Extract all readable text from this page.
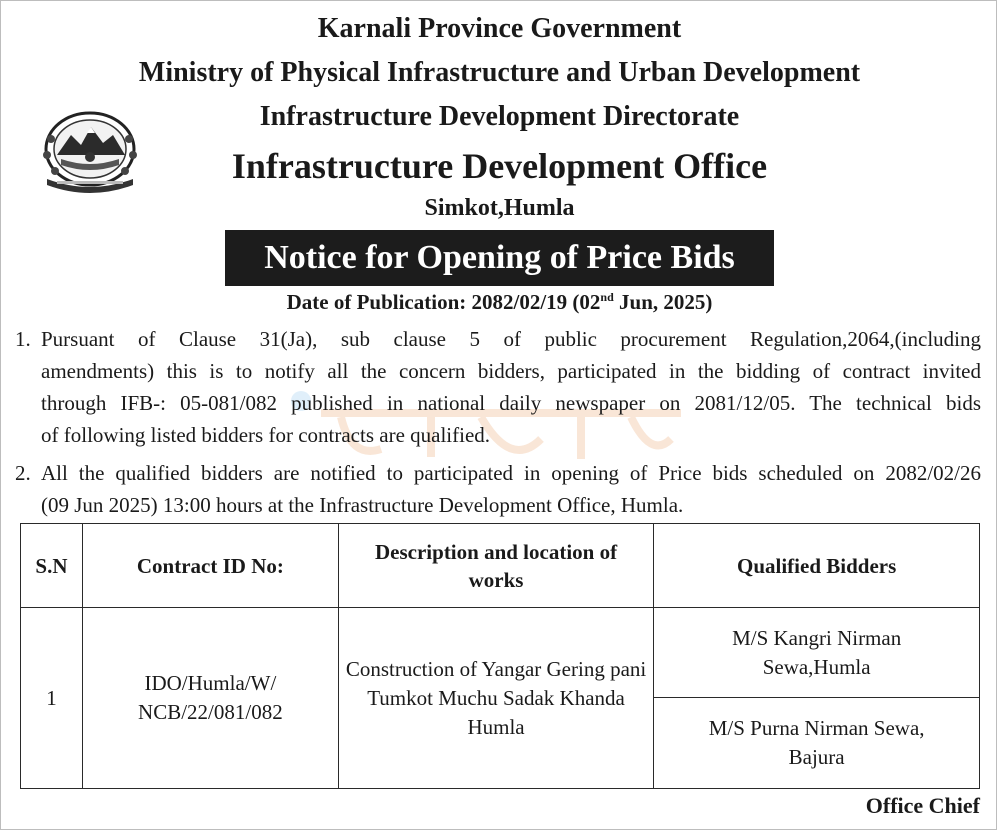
Karnali Province Government
Ministry of Physical Infrastructure and Urban Development
Infrastructure Development Directorate
Infrastructure Development Office
Simkot,Humla
Notice for Opening of Price Bids
Date of Publication: 2082/02/19 (02nd Jun, 2025)
1. Pursuant of Clause 31(Ja), sub clause 5 of public procurement Regulation,2064,(including
amendments) this is to notify all the concern bidders, participated in the bidding of contract invited
through IFB-: 05-081/082 published in national daily newspaper on 2081/12/05. The technical bids
of following listed bidders for contracts are qualified.
2. All the qualified bidders are notified to participated in opening of Price bids scheduled on 2082/02/26
(09 Jun 2025) 13:00 hours at the Infrastructure Development Office, Humla.
S.N	Contract ID No:	Description and location of works	Qualified Bidders
1	IDO/Humla/W/ NCB/22/081/082	Construction of Yangar Gering pani Tumkot Muchu Sadak Khanda Humla	M/S Kangri Nirman Sewa,Humla
			M/S Purna Nirman Sewa, Bajura
Office Chief
